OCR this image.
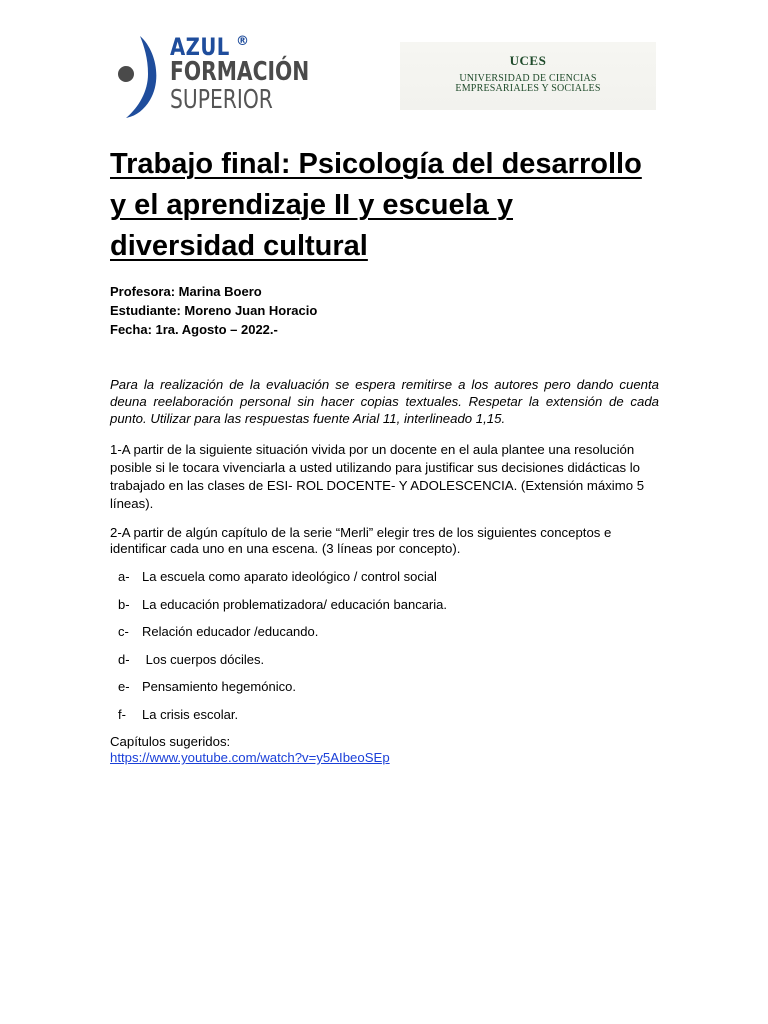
AZUL ®
FORMACIÓN
SUPERIOR
UCES
UNIVERSIDAD DE CIENCIAS
EMPRESARIALES Y SOCIALES
Trabajo final: Psicología del desarrollo y el aprendizaje II y escuela y diversidad cultural
Profesora: Marina Boero
Estudiante: Moreno Juan Horacio
Fecha: 1ra. Agosto – 2022.-

Para la realización de la evaluación se espera remitirse a los autores pero dando cuenta deuna reelaboración personal sin hacer copias textuales. Respetar la extensión de cada punto. Utilizar para las respuestas fuente Arial 11, interlineado 1,15.

1-A partir de la siguiente situación vivida por un docente en el aula plantee una resolución posible si le tocara vivenciarla a usted utilizando para justificar sus decisiones didácticas lo trabajado en las clases de ESI- ROL DOCENTE- Y ADOLESCENCIA. (Extensión máximo 5 líneas).

2-A partir de algún capítulo de la serie “Merli” elegir tres de los siguientes conceptos e identificar cada uno en una escena. (3 líneas por concepto).

a- La escuela como aparato ideológico / control social
b- La educación problematizadora/ educación bancaria.
c- Relación educador /educando.
d- Los cuerpos dóciles.
e- Pensamiento hegemónico.
f- La crisis escolar.
Capítulos sugeridos:
https://www.youtube.com/watch?v=y5AIbeoSEp
